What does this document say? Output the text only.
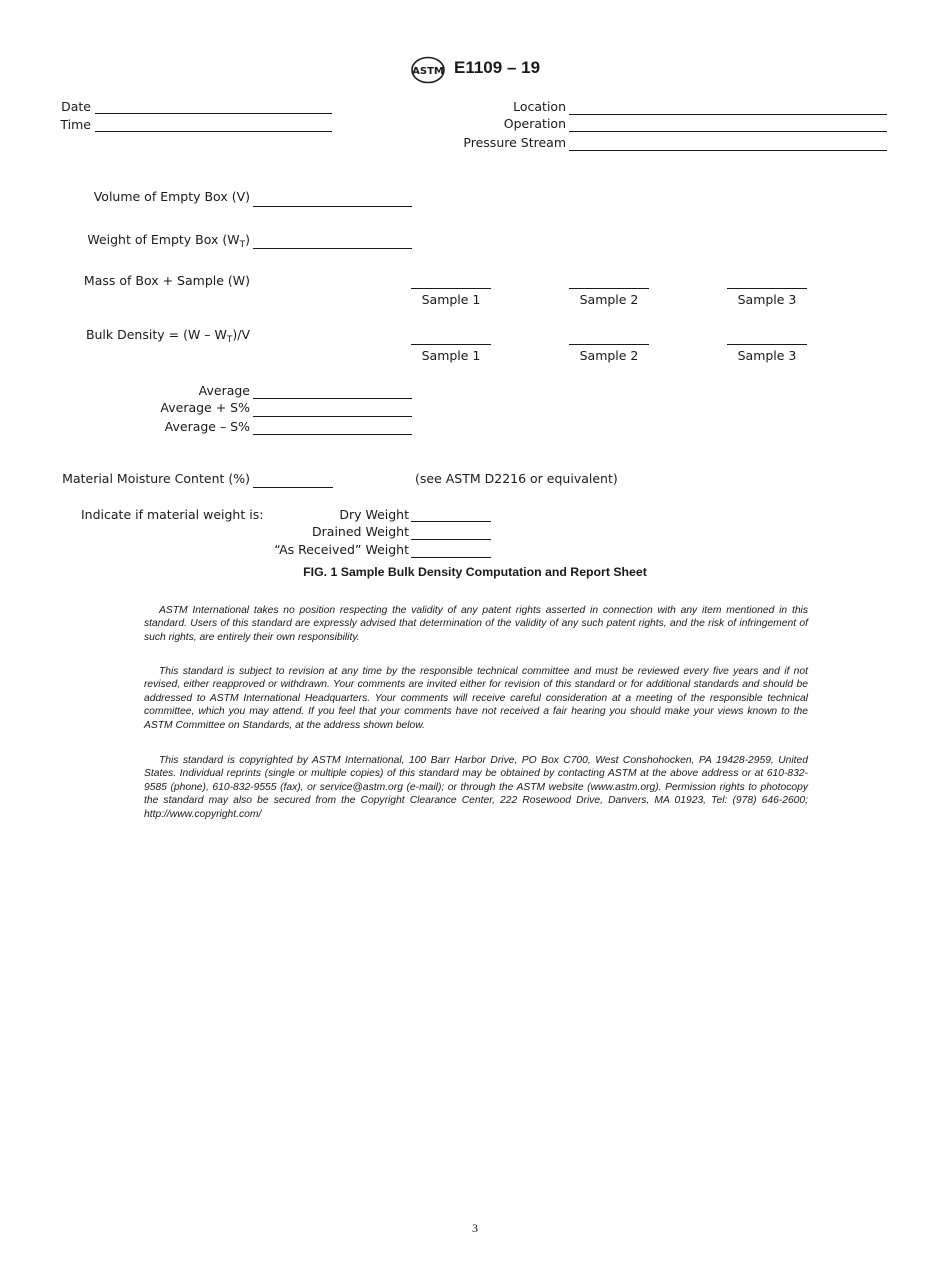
ASTM E1109 – 19
Date
Time
Location
Operation
Pressure Stream
Volume of Empty Box (V)
Weight of Empty Box $(W_T)$
Mass of Box + Sample (W)
Sample 1	Sample 2	Sample 3
Bulk Density = $(W - W_T)/V$
Sample 1	Sample 2	Sample 3
Average
Average + S%
Average – S%
Material Moisture Content (%)	(see ASTM D2216 or equivalent)
Indicate if material weight is:	Dry Weight
Drained Weight
“As Received” Weight
FIG. 1 Sample Bulk Density Computation and Report Sheet
ASTM International takes no position respecting the validity of any patent rights asserted in connection with any item mentioned in this standard. Users of this standard are expressly advised that determination of the validity of any such patent rights, and the risk of infringement of such rights, are entirely their own responsibility.
This standard is subject to revision at any time by the responsible technical committee and must be reviewed every five years and if not revised, either reapproved or withdrawn. Your comments are invited either for revision of this standard or for additional standards and should be addressed to ASTM International Headquarters. Your comments will receive careful consideration at a meeting of the responsible technical committee, which you may attend. If you feel that your comments have not received a fair hearing you should make your views known to the ASTM Committee on Standards, at the address shown below.
This standard is copyrighted by ASTM International, 100 Barr Harbor Drive, PO Box C700, West Conshohocken, PA 19428-2959, United States. Individual reprints (single or multiple copies) of this standard may be obtained by contacting ASTM at the above address or at 610-832-9585 (phone), 610-832-9555 (fax), or service@astm.org (e-mail); or through the ASTM website (www.astm.org). Permission rights to photocopy the standard may also be secured from the Copyright Clearance Center, 222 Rosewood Drive, Danvers, MA 01923, Tel: (978) 646-2600; http://www.copyright.com/
3
